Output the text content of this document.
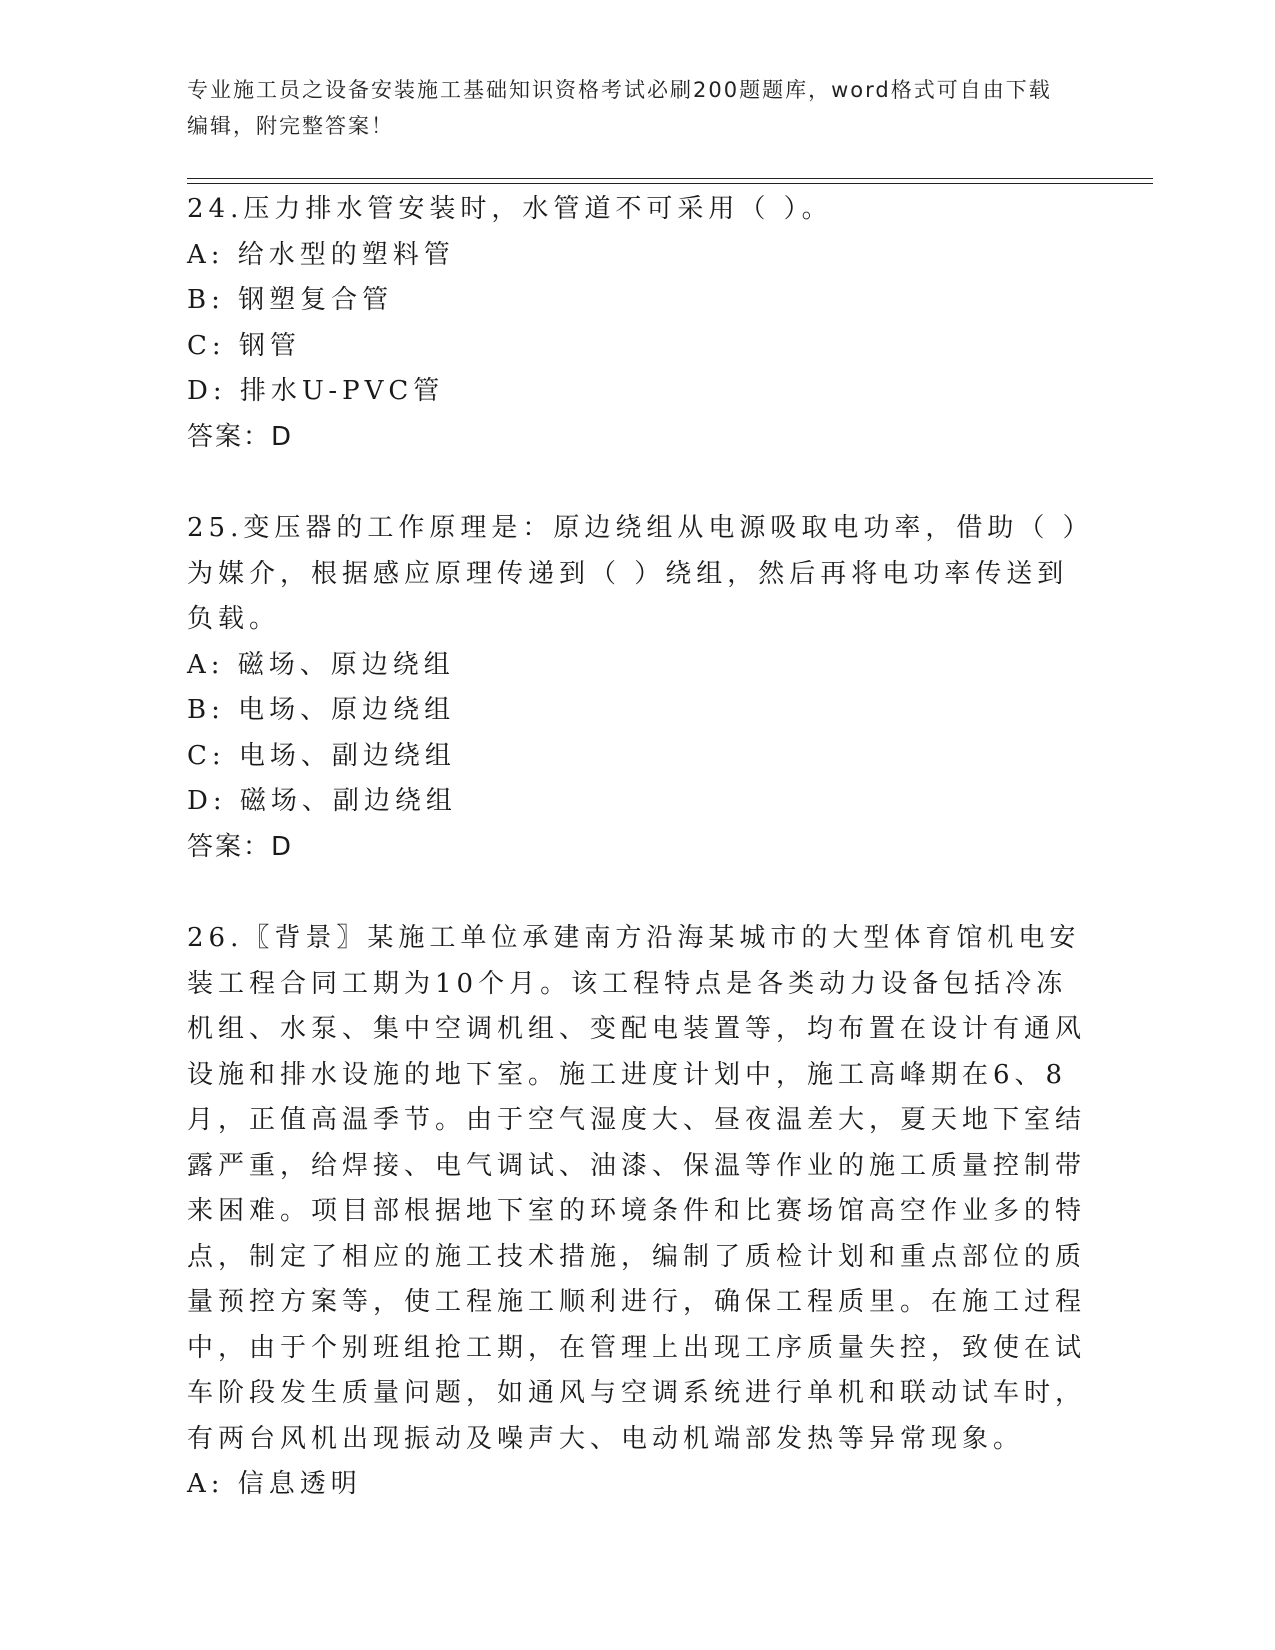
专业施工员之设备安装施工基础知识资格考试必刷200题题库，word格式可自由下载编辑，附完整答案！
24.压力排水管安装时，水管道不可采用（ ）。
A: 给水型的塑料管
B: 钢塑复合管
C: 钢管
D: 排水U-PVC管
答案：D
25.变压器的工作原理是：原边绕组从电源吸取电功率，借助（ ）为媒介，根据感应原理传递到（ ）绕组，然后再将电功率传送到负载。
A: 磁场、原边绕组
B: 电场、原边绕组
C: 电场、副边绕组
D: 磁场、副边绕组
答案：D
26.〖背景〗某施工单位承建南方沿海某城市的大型体育馆机电安装工程合同工期为10个月。该工程特点是各类动力设备包括冷冻机组、水泵、集中空调机组、变配电装置等，均布置在设计有通风设施和排水设施的地下室。施工进度计划中，施工高峰期在6、8月，正值高温季节。由于空气湿度大、昼夜温差大，夏天地下室结露严重，给焊接、电气调试、油漆、保温等作业的施工质量控制带来困难。项目部根据地下室的环境条件和比赛场馆高空作业多的特点，制定了相应的施工技术措施，编制了质检计划和重点部位的质量预控方案等，使工程施工顺利进行，确保工程质里。在施工过程中，由于个别班组抢工期，在管理上出现工序质量失控，致使在试车阶段发生质量问题，如通风与空调系统进行单机和联动试车时，有两台风机出现振动及噪声大、电动机端部发热等异常现象。
A: 信息透明
